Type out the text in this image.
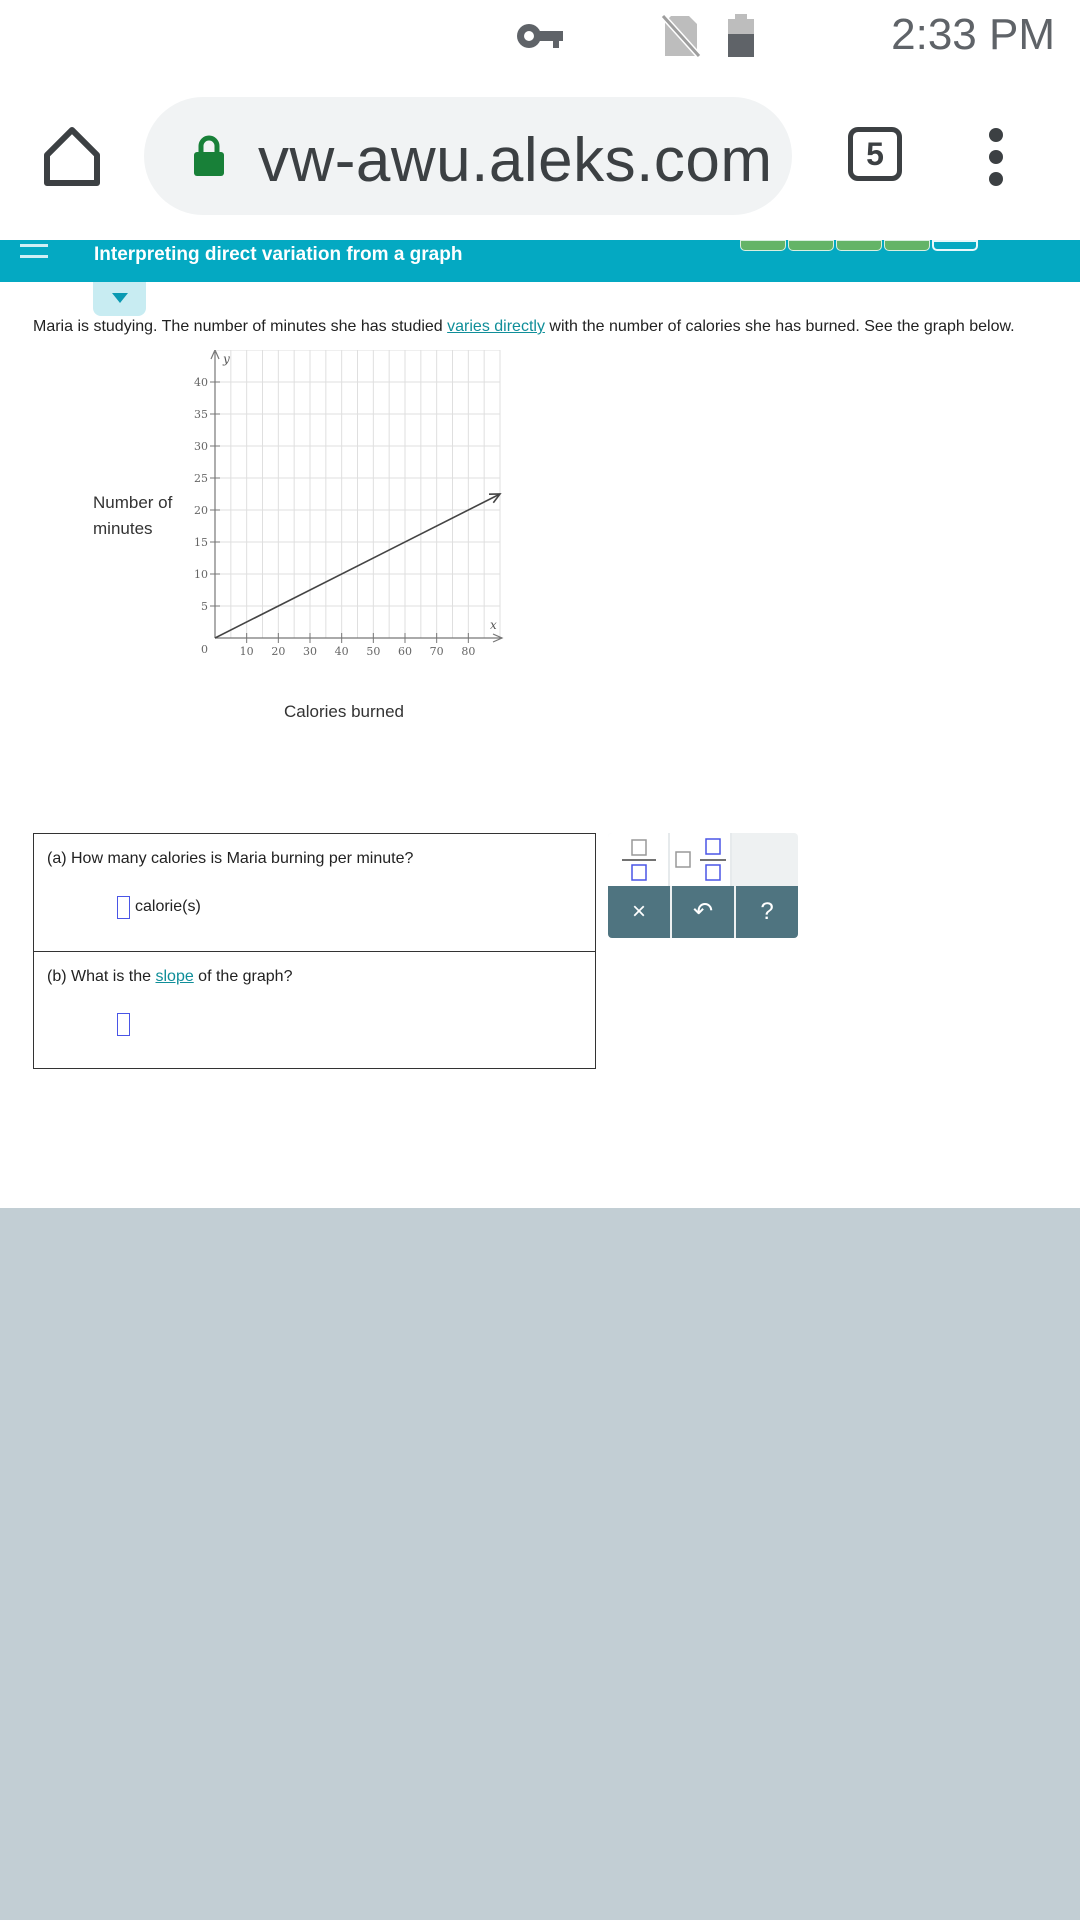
2:33 PM
vw-awu.aleks.com	5
Interpreting direct variation from a graph
Maria is studying. The number of minutes she has studied varies directly with the number of calories she has burned. See the graph below.
Number of minutes
10 20 30 40 50 60 70 80
5
10
15
20
25
30
35
40
0
x
y
Calories burned
(a) How many calories is Maria burning per minute?
calorie(s)
(b) What is the slope of the graph?
×	↶	?
